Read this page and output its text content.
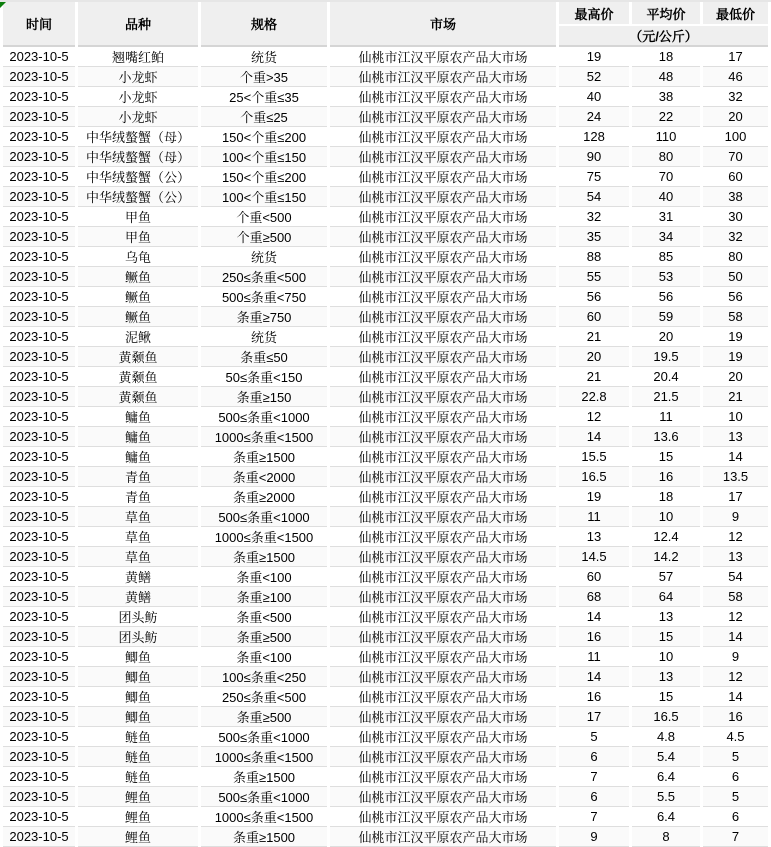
时间	品种	规格	市场	最高价	平均价	最低价
				（元/公斤）		
2023-10-5	翘嘴红鲌	统货	仙桃市江汉平原农产品大市场	19	18	17
2023-10-5	小龙虾	个重>35	仙桃市江汉平原农产品大市场	52	48	46
2023-10-5	小龙虾	25<个重≤35	仙桃市江汉平原农产品大市场	40	38	32
2023-10-5	小龙虾	个重≤25	仙桃市江汉平原农产品大市场	24	22	20
2023-10-5	中华绒螯蟹（母）	150<个重≤200	仙桃市江汉平原农产品大市场	128	110	100
2023-10-5	中华绒螯蟹（母）	100<个重≤150	仙桃市江汉平原农产品大市场	90	80	70
2023-10-5	中华绒螯蟹（公）	150<个重≤200	仙桃市江汉平原农产品大市场	75	70	60
2023-10-5	中华绒螯蟹（公）	100<个重≤150	仙桃市江汉平原农产品大市场	54	40	38
2023-10-5	甲鱼	个重<500	仙桃市江汉平原农产品大市场	32	31	30
2023-10-5	甲鱼	个重≥500	仙桃市江汉平原农产品大市场	35	34	32
2023-10-5	乌龟	统货	仙桃市江汉平原农产品大市场	88	85	80
2023-10-5	鳜鱼	250≤条重<500	仙桃市江汉平原农产品大市场	55	53	50
2023-10-5	鳜鱼	500≤条重<750	仙桃市江汉平原农产品大市场	56	56	56
2023-10-5	鳜鱼	条重≥750	仙桃市江汉平原农产品大市场	60	59	58
2023-10-5	泥鳅	统货	仙桃市江汉平原农产品大市场	21	20	19
2023-10-5	黄颡鱼	条重≤50	仙桃市江汉平原农产品大市场	20	19.5	19
2023-10-5	黄颡鱼	50≤条重<150	仙桃市江汉平原农产品大市场	21	20.4	20
2023-10-5	黄颡鱼	条重≥150	仙桃市江汉平原农产品大市场	22.8	21.5	21
2023-10-5	鳙鱼	500≤条重<1000	仙桃市江汉平原农产品大市场	12	11	10
2023-10-5	鳙鱼	1000≤条重<1500	仙桃市江汉平原农产品大市场	14	13.6	13
2023-10-5	鳙鱼	条重≥1500	仙桃市江汉平原农产品大市场	15.5	15	14
2023-10-5	青鱼	条重<2000	仙桃市江汉平原农产品大市场	16.5	16	13.5
2023-10-5	青鱼	条重≥2000	仙桃市江汉平原农产品大市场	19	18	17
2023-10-5	草鱼	500≤条重<1000	仙桃市江汉平原农产品大市场	11	10	9
2023-10-5	草鱼	1000≤条重<1500	仙桃市江汉平原农产品大市场	13	12.4	12
2023-10-5	草鱼	条重≥1500	仙桃市江汉平原农产品大市场	14.5	14.2	13
2023-10-5	黄鳝	条重<100	仙桃市江汉平原农产品大市场	60	57	54
2023-10-5	黄鳝	条重≥100	仙桃市江汉平原农产品大市场	68	64	58
2023-10-5	团头鲂	条重<500	仙桃市江汉平原农产品大市场	14	13	12
2023-10-5	团头鲂	条重≥500	仙桃市江汉平原农产品大市场	16	15	14
2023-10-5	鲫鱼	条重<100	仙桃市江汉平原农产品大市场	11	10	9
2023-10-5	鲫鱼	100≤条重<250	仙桃市江汉平原农产品大市场	14	13	12
2023-10-5	鲫鱼	250≤条重<500	仙桃市江汉平原农产品大市场	16	15	14
2023-10-5	鲫鱼	条重≥500	仙桃市江汉平原农产品大市场	17	16.5	16
2023-10-5	鲢鱼	500≤条重<1000	仙桃市江汉平原农产品大市场	5	4.8	4.5
2023-10-5	鲢鱼	1000≤条重<1500	仙桃市江汉平原农产品大市场	6	5.4	5
2023-10-5	鲢鱼	条重≥1500	仙桃市江汉平原农产品大市场	7	6.4	6
2023-10-5	鲤鱼	500≤条重<1000	仙桃市江汉平原农产品大市场	6	5.5	5
2023-10-5	鲤鱼	1000≤条重<1500	仙桃市江汉平原农产品大市场	7	6.4	6
2023-10-5	鲤鱼	条重≥1500	仙桃市江汉平原农产品大市场	9	8	7
